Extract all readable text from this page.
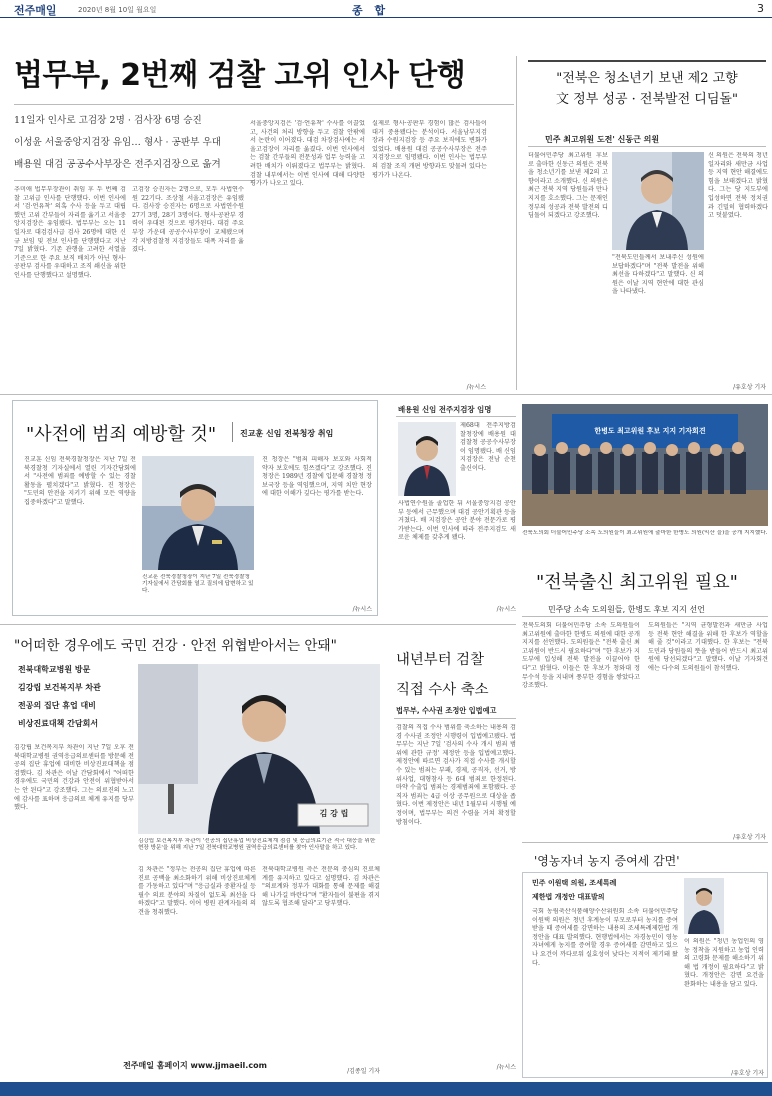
전주매일	2020년 8월 10일 월요일	종 합	3
법무부, 2번째 검찰 고위 인사 단행
11일자 인사로 고검장 2명 · 검사장 6명 승진
이성윤 서울중앙지검장 유임… 형사 · 공판부 우대
배용원 대검 공공수사부장은 전주지검장으로 옮겨
추미애 법무부장관이 취임 후 두 번째 검찰 고위급 인사를 단행했다. 이번 인사에서 '검·언유착' 의혹 수사 등을 두고 대립했던 고위 간부들이 자리를 옮기고 서울중앙지검장은 유임됐다. 법무부는 오는 11일자로 대검검사급 검사 26명에 대한 신규 보임 및 전보 인사를 단행했다고 지난 7일 밝혔다. 기존 관행을 고려한 서열을 기준으로 한 주요 보직 배치가 아닌 형사·공판부 검사를 우대하고 조직 쇄신을 위한 인사를 단행했다고 설명했다.
고검장 승진자는 2명으로, 모두 사법연수원 22기다. 조상철 서울고검장은 유임됐다. 검사장 승진자는 6명으로 사법연수원 27기 3명, 28기 3명이다. 형사·공판부 경력이 우대된 것으로 평가된다. 대검 주요 부장 가운데 공공수사부장이 교체됐으며 각 지방검찰청 지검장들도 대폭 자리를 옮겼다.
서울중앙지검은 '검·언유착' 수사를 이끌었고, 사건의 처리 방향을 두고 검찰 안팎에서 논란이 이어졌다. 대검 차장검사에는 서울고검장이 자리를 옮겼다. 이번 인사에서는 검찰 간부들의 전문성과 업무 능력을 고려한 배치가 이뤄졌다고 법무부는 밝혔다. 검찰 내부에서는 이번 인사에 대해 다양한 평가가 나오고 있다.
실제로 형사·공판부 경험이 많은 검사들이 대거 중용됐다는 분석이다. 서울남부지검장과 수원지검장 등 주요 보직에도 변화가 있었다. 배용원 대검 공공수사부장은 전주지검장으로 임명됐다. 이번 인사는 법무부의 검찰 조직 개편 방향과도 맞물려 있다는 평가가 나온다.
/뉴시스
"전북은 청소년기 보낸 제2 고향
文 정부 성공 · 전북발전 디딤돌"
민주 최고위원 도전' 신동근 의원
더불어민주당 최고위원 후보로 출마한 신동근 의원은 전북을 청소년기를 보낸 제2의 고향이라고 소개했다. 신 의원은 최근 전북 지역 당원들과 만나 지지를 호소했다. 그는 문재인 정부의 성공과 전북 발전의 디딤돌이 되겠다고 강조했다.
"전북도민들께서 보내주신 성원에 보답하겠다"며 "전북 발전을 위해 최선을 다하겠다"고 말했다. 신 의원은 이날 지역 현안에 대한 관심을 나타냈다.
신 의원은 전북의 청년 일자리와 새만금 사업 등 지역 현안 해결에도 힘을 보태겠다고 밝혔다. 그는 당 지도부에 입성하면 전북 정치권과 긴밀히 협력하겠다고 덧붙였다.
/유호상 기자
"사전에 범죄 예방할 것"	진교훈 신임 전북청장 취임
진교훈 신임 전북경찰청장은 지난 7일 전북경찰청 기자실에서 열린 기자간담회에서 "사전에 범죄를 예방할 수 있는 경찰 활동을 펼치겠다"고 밝혔다. 진 청장은 "도민의 안전을 지키기 위해 모든 역량을 집중하겠다"고 말했다.
진교훈 전북경찰청장이 지난 7일 전북경찰청 기자실에서 간담회를 열고 질의에 답변하고 있다.
진 청장은 "범죄 피해자 보호와 사회적 약자 보호에도 힘쓰겠다"고 강조했다. 진 청장은 1989년 경찰에 입문해 경찰청 정보국장 등을 역임했으며, 지역 치안 현장에 대한 이해가 깊다는 평가를 받는다.
/뉴시스
배용원 신임 전주지검장 임명
제68대 전주지방검찰청장에 배용원 대검찰청 공공수사부장이 임명됐다. 배 신임 지검장은 전남 순천 출신이다.
사법연수원을 졸업한 뒤 서울중앙지검 공안부 등에서 근무했으며 대검 공안기획관 등을 거쳤다. 배 지검장은 공안 분야 전문가로 평가받는다. 이번 인사에 따라 전주지검도 새로운 체제를 갖추게 됐다.
/뉴시스
한병도 최고위원 후보 지지 기자회견
전북도의회 더불어민주당 소속 도의원들이 최고위원에 출마한 한병도 의원(익산 을)을 공개 지지했다.
"전북출신 최고위원 필요"
민주당 소속 도의원들, 한병도 후보 지지 선언
전북도의회 더불어민주당 소속 도의원들이 최고위원에 출마한 한병도 의원에 대한 공개 지지를 선언했다. 도의원들은 "전북 출신 최고위원이 반드시 필요하다"며 "한 후보가 지도부에 입성해 전북 발전을 이끌어야 한다"고 밝혔다. 이들은 한 후보가 청와대 정무수석 등을 지내며 풍부한 경험을 쌓았다고 강조했다.
도의원들은 "지역 균형발전과 새만금 사업 등 전북 현안 해결을 위해 한 후보가 역할을 해 줄 것"이라고 기대했다. 한 후보는 "전북도민과 당원들의 뜻을 받들어 반드시 최고위원에 당선되겠다"고 말했다. 이날 기자회견에는 다수의 도의원들이 참석했다.
/유호상 기자
"어떠한 경우에도 국민 건강 · 안전 위협받아서는 안돼"
전북대학교병원 방문
김강립 보건복지부 차관
전공의 집단 휴업 대비
비상진료대책 간담회서
김강립 보건복지부 차관이 지난 7일 오후 전북대학교병원 권역응급의료센터를 방문해 전공의 집단 휴업에 대비한 비상진료대책을 점검했다. 김 차관은 이날 간담회에서 "어떠한 경우에도 국민의 건강과 안전이 위협받아서는 안 된다"고 강조했다. 그는 의료진의 노고에 감사를 표하며 응급의료 체계 유지를 당부했다.
김 강 립
김강립 보건복지부 차관이 '전공의 집단휴업 비상진료체계 점검 및 응급의료기관 적극 대응을 위한 현장 방문'을 위해 지난 7일 전북대학교병원 권역응급의료센터를 찾아 인사말을 하고 있다.
김 차관은 "정부는 전공의 집단 휴업에 따른 진료 공백을 최소화하기 위해 비상진료체계를 가동하고 있다"며 "응급실과 중환자실 등 필수 의료 분야의 차질이 없도록 최선을 다하겠다"고 말했다. 이어 병원 관계자들의 의견을 청취했다.
전북대학교병원 측은 전문의 중심의 진료체계를 유지하고 있다고 설명했다. 김 차관은 "의료계와 정부가 대화를 통해 문제를 해결해 나가길 바란다"며 "환자들이 불편을 겪지 않도록 협조해 달라"고 당부했다.
/김종일 기자
내년부터 검찰
직접 수사 축소
법무부, 수사권 조정안 입법예고
검찰의 직접 수사 범위를 축소하는 내용의 검경 수사권 조정안 시행령이 입법예고됐다. 법무부는 지난 7일 '검사의 수사 개시 범죄 범위에 관한 규정' 제정안 등을 입법예고했다. 제정안에 따르면 검사가 직접 수사를 개시할 수 있는 범죄는 부패, 경제, 공직자, 선거, 방위사업, 대형참사 등 6대 범죄로 한정된다. 마약 수출입 범죄는 경제범죄에 포함됐다. 공직자 범죄는 4급 이상 공무원으로 대상을 좁혔다. 이번 제정안은 내년 1월부터 시행될 예정이며, 법무부는 의견 수렴을 거쳐 확정할 방침이다.
/뉴시스
'영농자녀 농지 증여세 감면'
민주 이원택 의원, 조세특례
제한법 개정안 대표발의
국회 농림축산식품해양수산위원회 소속 더불어민주당 이원택 의원은 청년 후계농이 부모로부터 농지를 증여받을 때 증여세를 감면하는 내용의 조세특례제한법 개정안을 대표 발의했다. 현행법에서는 자경농민이 영농자녀에게 농지를 증여할 경우 증여세를 감면하고 있으나 요건이 까다로워 실효성이 낮다는 지적이 제기돼 왔다.
이 의원은 "청년 농업인의 영농 정착을 지원하고 농업 인력의 고령화 문제를 해소하기 위해 법 개정이 필요하다"고 밝혔다. 개정안은 감면 요건을 완화하는 내용을 담고 있다.
/유호상 기자
전주매일 홈페이지 www.jjmaeil.com
